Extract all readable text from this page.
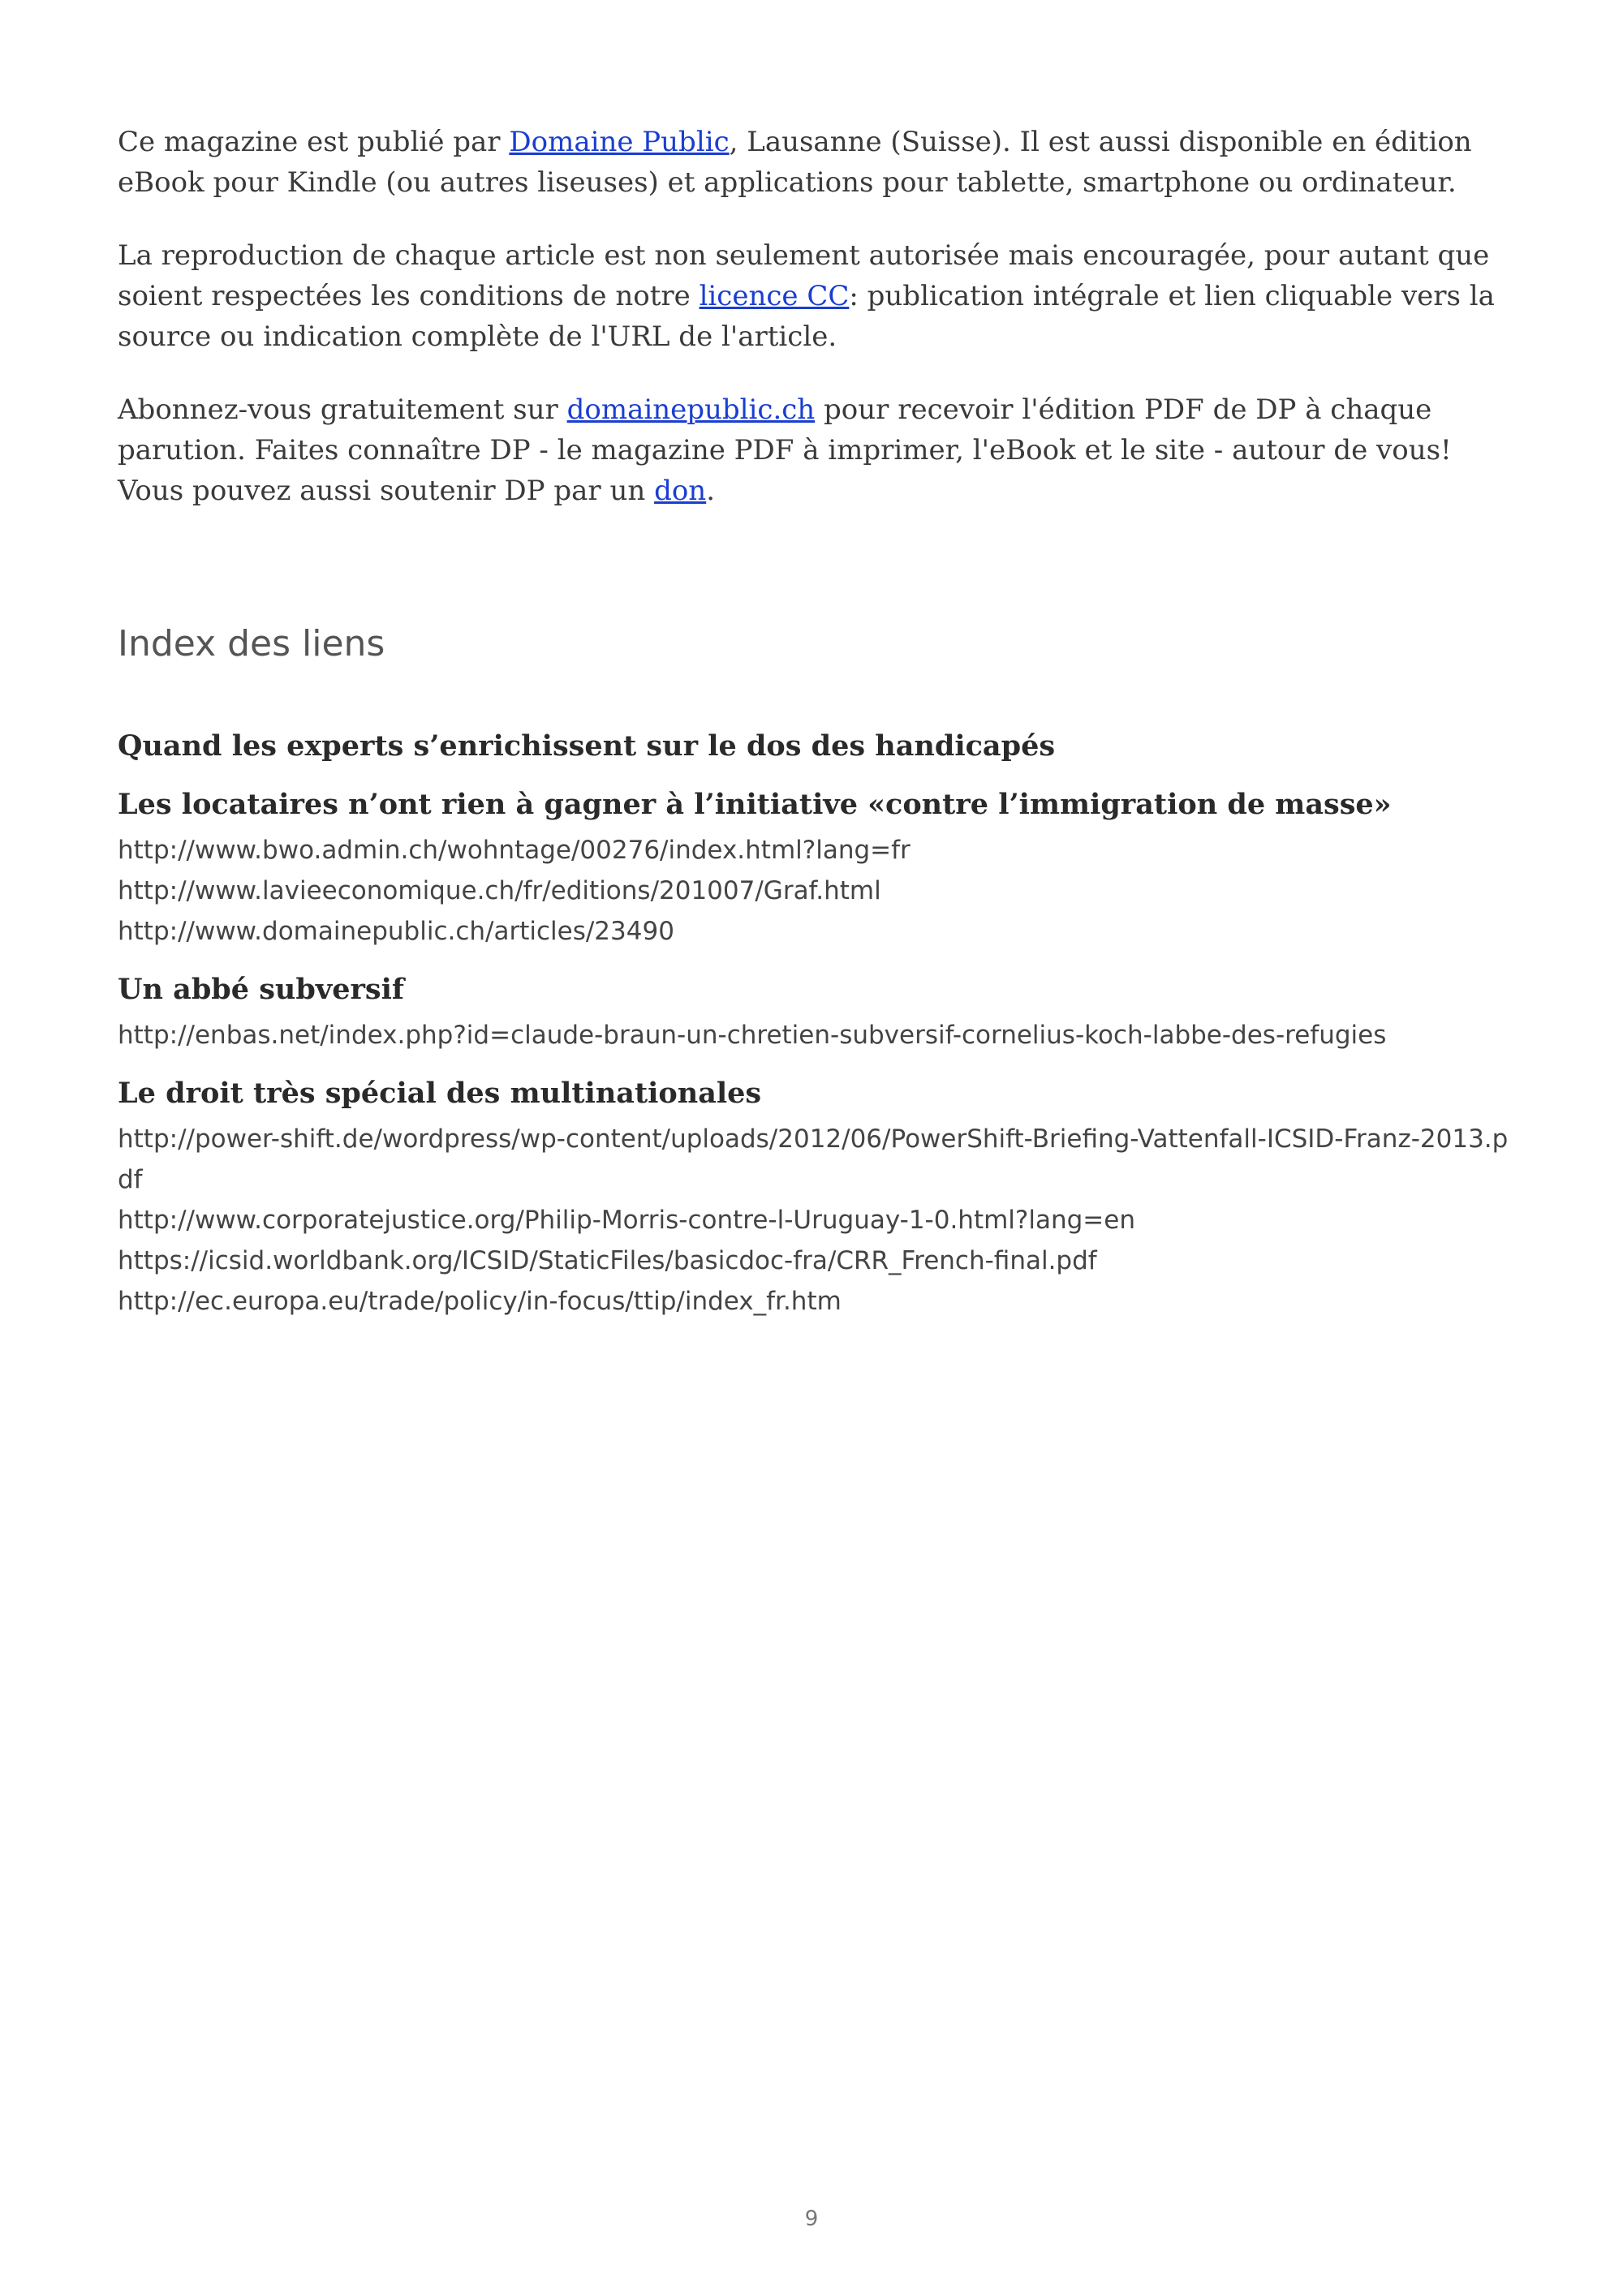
Ce magazine est publié par Domaine Public, Lausanne (Suisse). Il est aussi disponible en édition eBook pour Kindle (ou autres liseuses) et applications pour tablette, smartphone ou ordinateur.

La reproduction de chaque article est non seulement autorisée mais encouragée, pour autant que soient respectées les conditions de notre licence CC: publication intégrale et lien cliquable vers la source ou indication complète de l'URL de l'article.

Abonnez-vous gratuitement sur domainepublic.ch pour recevoir l'édition PDF de DP à chaque parution. Faites connaître DP - le magazine PDF à imprimer, l'eBook et le site - autour de vous! Vous pouvez aussi soutenir DP par un don.

Index des liens
Quand les experts s’enrichissent sur le dos des handicapés
Les locataires n’ont rien à gagner à l’initiative «contre l’immigration de masse»
http://www.bwo.admin.ch/wohntage/00276/index.html?lang=fr
http://www.lavieeconomique.ch/fr/editions/201007/Graf.html
http://www.domainepublic.ch/articles/23490
Un abbé subversif
http://enbas.net/index.php?id=claude-braun-un-chretien-subversif-cornelius-koch-labbe-des-refugies
Le droit très spécial des multinationales
http://power-shift.de/wordpress/wp-content/uploads/2012/06/PowerShift-Briefing-Vattenfall-ICSID-Franz-2013.pdf
http://www.corporatejustice.org/Philip-Morris-contre-l-Uruguay-1-0.html?lang=en
https://icsid.worldbank.org/ICSID/StaticFiles/basicdoc-fra/CRR_French-final.pdf
http://ec.europa.eu/trade/policy/in-focus/ttip/index_fr.htm
9
